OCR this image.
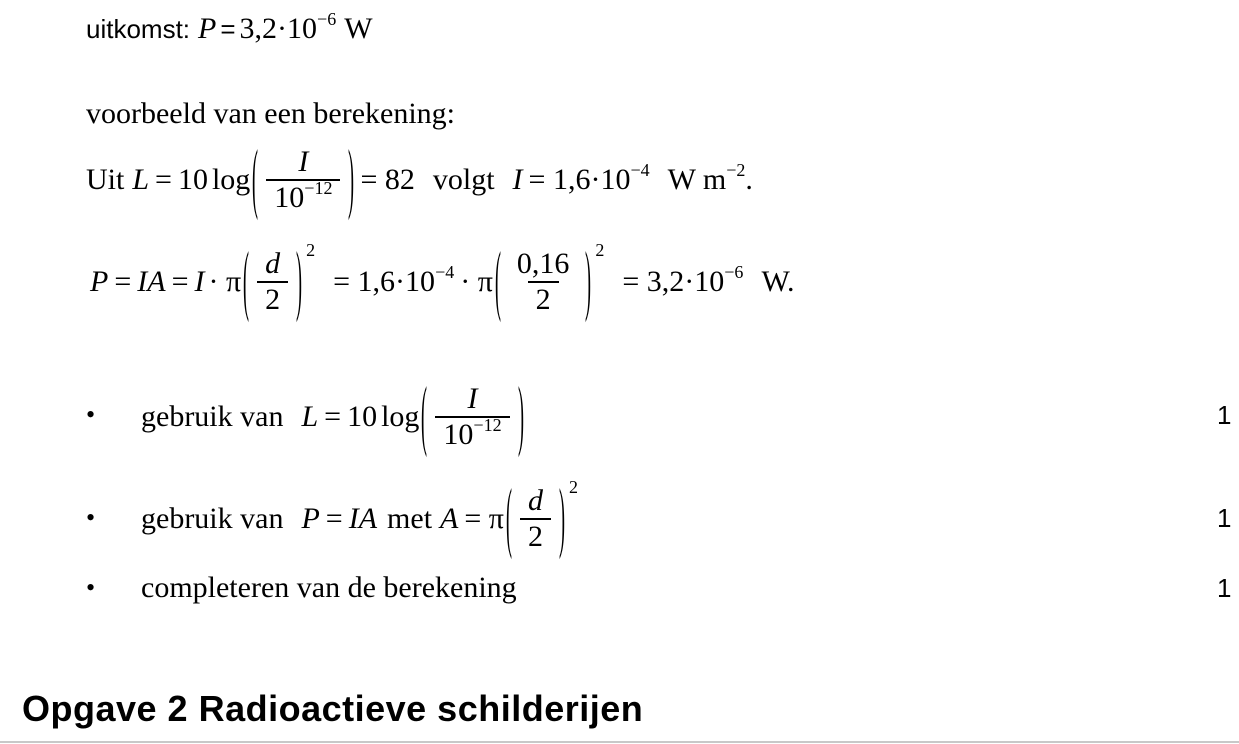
uitkomst: $P = 3,2\cdot 10^{-6}$ W
voorbeeld van een berekening:
Uit L = 10 log ( $\frac{I}{10^{-12}}$ ) = 82 volgt $I = 1,6\cdot 10^{-4}$ W $m^{-2}$.
P = IA = I · π ( $\frac{d}{2}$ ) 2
= $1,6\cdot 10^{-4} \cdot \pi$ ( $\frac{0,16}{2}$ ) 2
= $3,2\cdot 10^{-6}$ W.
• gebruik van L = 10 log ( $\frac{I}{10^{-12}}$ )	1
• gebruik van P = IA met A = π ( $\frac{d}{2}$ ) 2
1
• completeren van de berekening	1
Opgave 2 Radioactieve schilderijen
